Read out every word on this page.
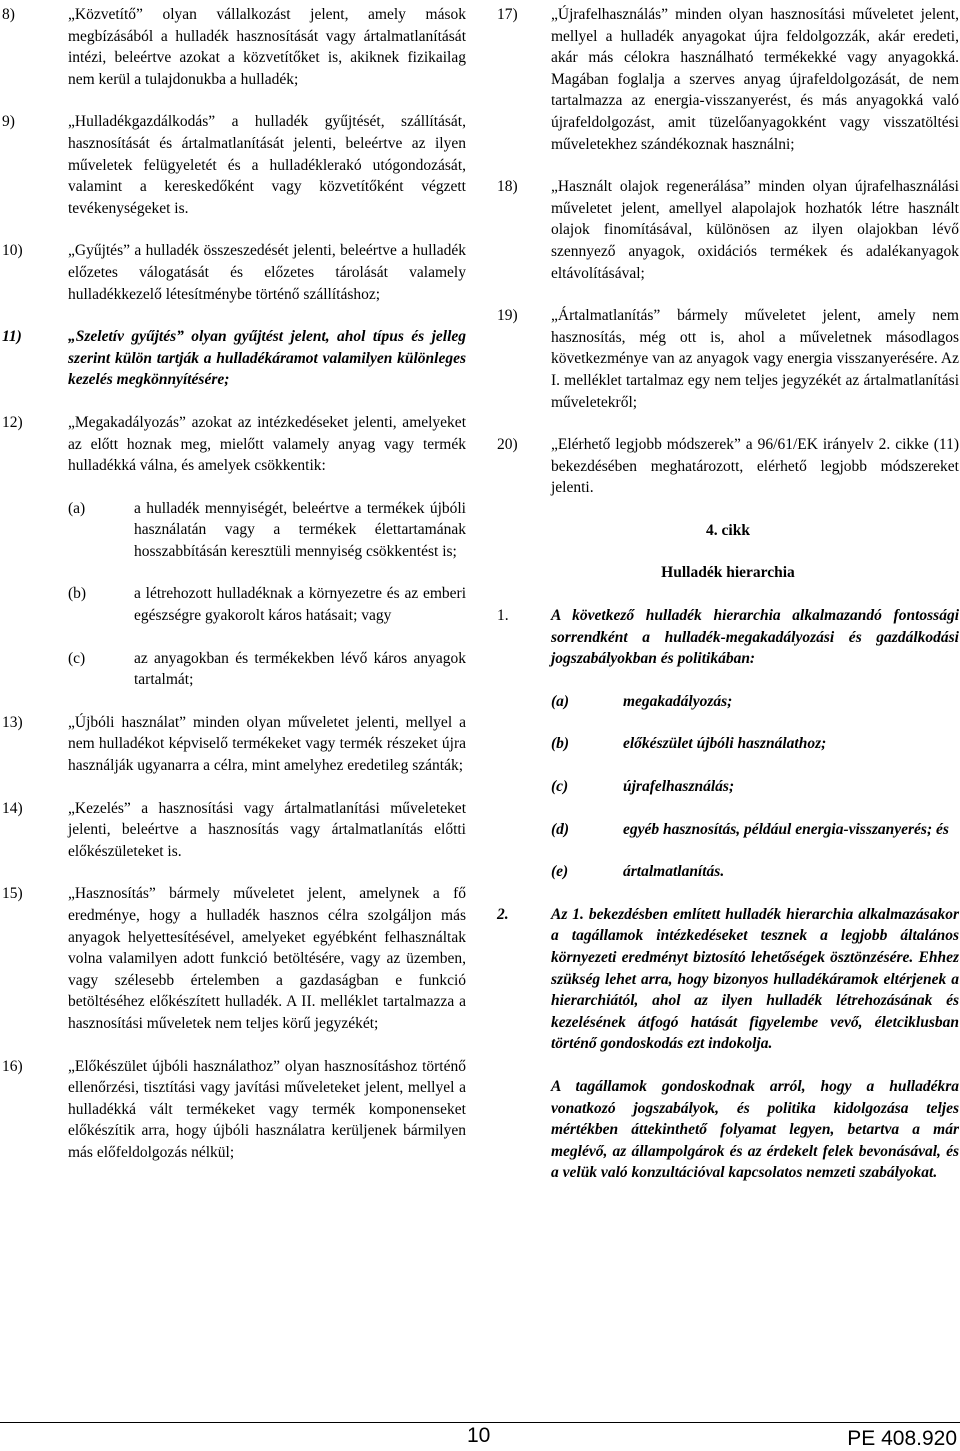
8)	„Közvetítő” olyan vállalkozást jelent, amely mások megbízásából a hulladék hasznosítását vagy ártalmatlanítását intézi, beleértve azokat a közvetítőket is, akiknek fizikailag nem kerül a tulajdonukba a hulladék;
9)	„Hulladékgazdálkodás” a hulladék gyűjtését, szállítását, hasznosítását és ártalmatlanítását jelenti, beleértve az ilyen műveletek felügyeletét és a hulladéklerakó utógondozását, valamint a kereskedőként vagy közvetítőként végzett tevékenységeket is.
10)	„Gyűjtés” a hulladék összeszedését jelenti, beleértve a hulladék előzetes válogatását és előzetes tárolását valamely hulladékkezelő létesítménybe történő szállításhoz;
11)	„Szeletív gyűjtés” olyan gyűjtést jelent, ahol típus és jelleg szerint külön tartják a hulladékáramot valamilyen különleges kezelés megkönnyítésére;
12)	„Megakadályozás” azokat az intézkedéseket jelenti, amelyeket az előtt hoznak meg, mielőtt valamely anyag vagy termék hulladékká válna, és amelyek csökkentik:
(a)	a hulladék mennyiségét, beleértve a termékek újbóli használatán vagy a termékek élettartamának hosszabbításán keresztüli mennyiség csökkentést is;
(b)	a létrehozott hulladéknak a környezetre és az emberi egészségre gyakorolt káros hatásait; vagy
(c)	az anyagokban és termékekben lévő káros anyagok tartalmát;
13)	„Újbóli használat” minden olyan műveletet jelenti, mellyel a nem hulladékot képviselő termékeket vagy termék részeket újra használják ugyanarra a célra, mint amelyhez eredetileg szánták;
14)	„Kezelés” a hasznosítási vagy ártalmatlanítási műveleteket jelenti, beleértve a hasznosítás vagy ártalmatlanítás előtti előkészületeket is.
15)	„Hasznosítás” bármely műveletet jelent, amelynek a fő eredménye, hogy a hulladék hasznos célra szolgáljon más anyagok helyettesítésével, amelyeket egyébként felhasználtak volna valamilyen adott funkció betöltésére, vagy az üzemben, vagy szélesebb értelemben a gazdaságban e funkció betöltéséhez előkészített hulladék. A II. melléklet tartalmazza a hasznosítási műveletek nem teljes körű jegyzékét;
16)	„Előkészület újbóli használathoz” olyan hasznosításhoz történő ellenőrzési, tisztítási vagy javítási műveleteket jelent, mellyel a hulladékká vált termékeket vagy termék komponenseket előkészítik arra, hogy újbóli használatra kerüljenek bármilyen más előfeldolgozás nélkül;
17)	„Újrafelhasználás” minden olyan hasznosítási műveletet jelent, mellyel a hulladék anyagokat újra feldolgozzák, akár eredeti, akár más célokra használható termékekké vagy anyagokká. Magában foglalja a szerves anyag újrafeldolgozását, de nem tartalmazza az energia-visszanyerést, és más anyagokká való újrafeldolgozást, amit tüzelőanyagokként vagy visszatöltési műveletekhez szándékoznak használni;
18)	„Használt olajok regenerálása” minden olyan újrafelhasználási műveletet jelent, amellyel alapolajok hozhatók létre használt olajok finomításával, különösen az ilyen olajokban lévő szennyező anyagok, oxidációs termékek és adalékanyagok eltávolításával;
19)	„Ártalmatlanítás” bármely műveletet jelent, amely nem hasznosítás, még ott is, ahol a műveletnek másodlagos következménye van az anyagok vagy energia visszanyerésére. Az I. melléklet tartalmaz egy nem teljes jegyzékét az ártalmatlanítási műveletekről;
20)	„Elérhető legjobb módszerek” a 96/61/EK irányelv 2. cikke (11) bekezdésében meghatározott, elérhető legjobb módszereket jelenti.
4. cikk
Hulladék hierarchia
1.	A következő hulladék hierarchia alkalmazandó fontossági sorrendként a hulladék-megakadályozási és gazdálkodási jogszabályokban és politikában:
(a)	megakadályozás;
(b)	előkészület újbóli használathoz;
(c)	újrafelhasználás;
(d)	egyéb hasznosítás, például energia-visszanyerés; és
(e)	ártalmatlanítás.
2.	Az 1. bekezdésben említett hulladék hierarchia alkalmazásakor a tagállamok intézkedéseket tesznek a legjobb általános környezeti eredményt biztosító lehetőségek ösztönzésére. Ehhez szükség lehet arra, hogy bizonyos hulladékáramok eltérjenek a hierarchiától, ahol az ilyen hulladék létrehozásának és kezelésének átfogó hatását figyelembe vevő, életciklusban történő gondoskodás ezt indokolja.
A tagállamok gondoskodnak arról, hogy a hulladékra vonatkozó jogszabályok, és politika kidolgozása teljes mértékben áttekinthető folyamat legyen, betartva a már meglévő, az állampolgárok és az érdekelt felek bevonásával, és a velük való konzultációval kapcsolatos nemzeti szabályokat.
10	PE 408.920
